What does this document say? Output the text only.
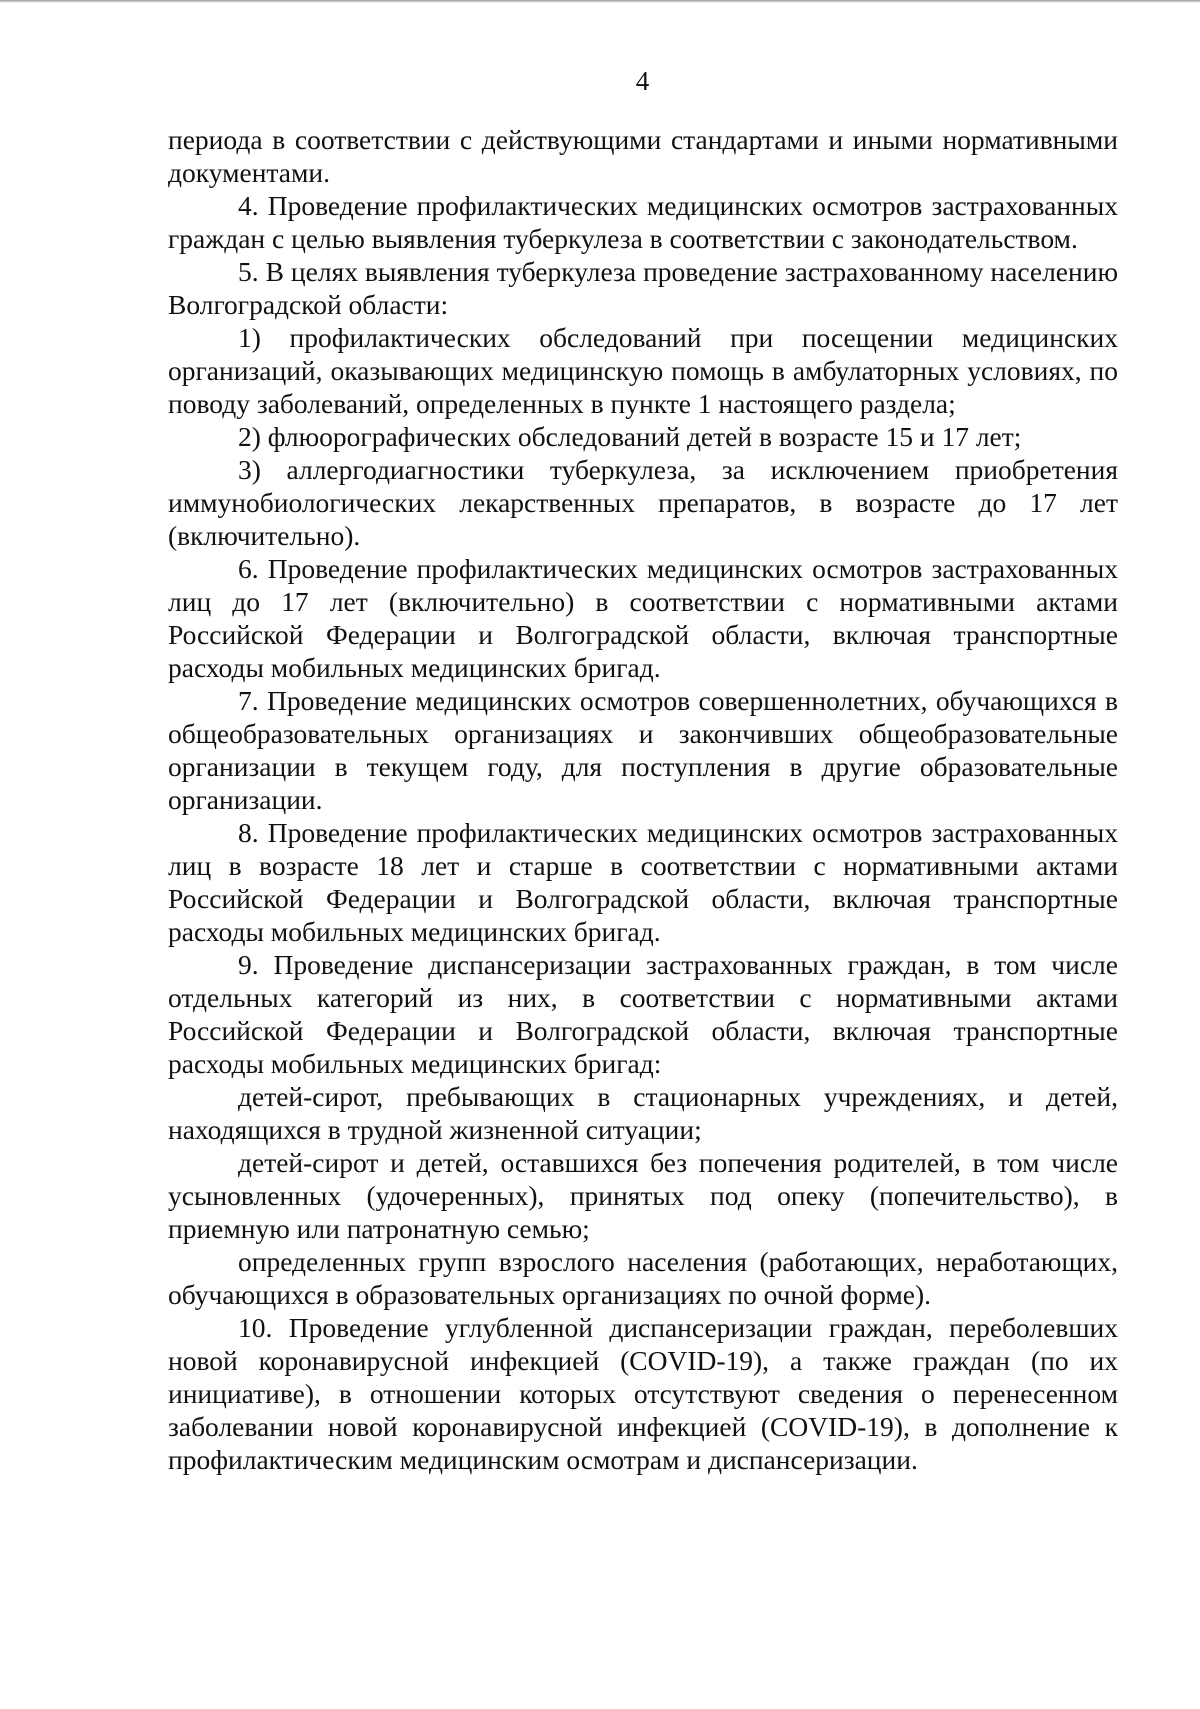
4

периода в соответствии с действующими стандартами и иными нормативными документами.

4. Проведение профилактических медицинских осмотров застрахованных граждан с целью выявления туберкулеза в соответствии с законодательством.

5. В целях выявления туберкулеза проведение застрахованному населению Волгоградской области:

1) профилактических обследований при посещении медицинских организаций, оказывающих медицинскую помощь в амбулаторных условиях, по поводу заболеваний, определенных в пункте 1 настоящего раздела;

2) флюорографических обследований детей в возрасте 15 и 17 лет;

3) аллергодиагностики туберкулеза, за исключением приобретения иммунобиологических лекарственных препаратов, в возрасте до 17 лет (включительно).

6. Проведение профилактических медицинских осмотров застрахованных лиц до 17 лет (включительно) в соответствии с нормативными актами Российской Федерации и Волгоградской области, включая транспортные расходы мобильных медицинских бригад.

7. Проведение медицинских осмотров совершеннолетних, обучающихся в общеобразовательных организациях и закончивших общеобразовательные организации в текущем году, для поступления в другие образовательные организации.

8. Проведение профилактических медицинских осмотров застрахованных лиц в возрасте 18 лет и старше в соответствии с нормативными актами Российской Федерации и Волгоградской области, включая транспортные расходы мобильных медицинских бригад.

9. Проведение диспансеризации застрахованных граждан, в том числе отдельных категорий из них, в соответствии с нормативными актами Российской Федерации и Волгоградской области, включая транспортные расходы мобильных медицинских бригад:

детей-сирот, пребывающих в стационарных учреждениях, и детей, находящихся в трудной жизненной ситуации;

детей-сирот и детей, оставшихся без попечения родителей, в том числе усыновленных (удочеренных), принятых под опеку (попечительство), в приемную или патронатную семью;

определенных групп взрослого населения (работающих, неработающих, обучающихся в образовательных организациях по очной форме).

10. Проведение углубленной диспансеризации граждан, переболевших новой коронавирусной инфекцией (COVID-19), а также граждан (по их инициативе), в отношении которых отсутствуют сведения о перенесенном заболевании новой коронавирусной инфекцией (COVID-19), в дополнение к профилактическим медицинским осмотрам и диспансеризации.
